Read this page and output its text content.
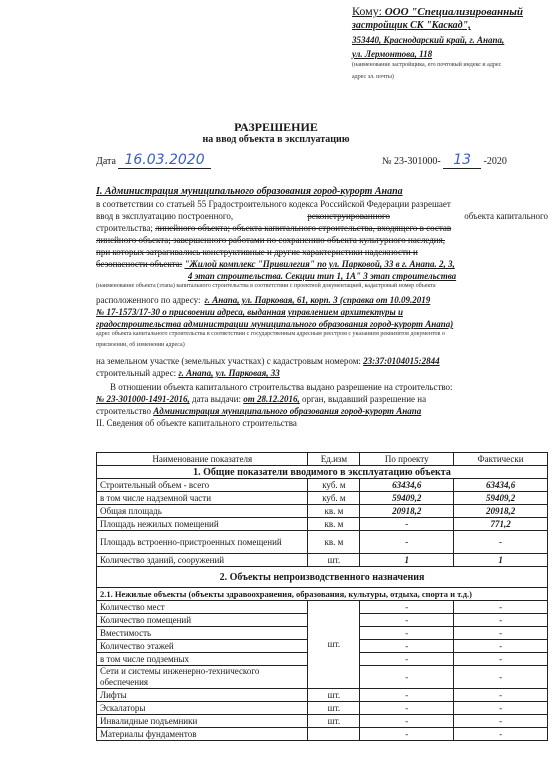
Кому: ООО "Специализированный
застройщик СК "Каскад",
353440, Краснодарский край, г. Анапа,
ул. Лермонтова, 118
(наименование застройщика, его почтовый индекс и адрес
адрес эл. почты)
РАЗРЕШЕНИЕ
на ввод объекта в эксплуатацию
Дата 16.03.2020	№ 23-301000- 13 -2020
I. Администрация муниципального образования город-курорт Анапа
в соответствии со статьей 55 Градостроительного кодекса Российской Федерации разрешает
ввод в эксплуатацию построенного,	реконструированного	объекта капитального
строительства; линейного объекта; объекта капитального строительства, входящего в состав
линейного объекта; завершенного работами по сохранению объекта культурного наследия,
при которых затрагивались конструктивные и другие характеристики надежности и
безопасности объекта: "Жилой комплекс "Привилегия" по ул. Парковой, 33 в г. Анапа. 2, 3,
4 этап строительства. Секции тип 1, 1А" 3 этап строительства
(наименование объекта (этапа) капитального строительства в соответствии с проектной документацией, кадастровый номер объекта
расположенного по адресу: г. Анапа, ул. Парковая, 61, корп. 3 (справка от 10.09.2019
№ 17-1573/17-30 о присвоении адреса, выданная управлением архитектуры и
градостроительства администрации муниципального образования город-курорт Анапа)
адрес объекта капитального строительства в соответствии с государственным адресным реестром с указанием реквизитов документов о
присвоении, об изменении адреса)
на земельном участке (земельных участках) с кадастровым номером: 23:37:0104015:2844
строительный адрес: г. Анапа, ул. Парковая, 33
В отношении объекта капитального строительства выдано разрешение на строительство:
№ 23-301000-1491-2016, дата выдачи: от 28.12.2016, орган, выдавший разрешение на
строительство Администрация муниципального образования город-курорт Анапа
II. Сведения об объекте капитального строительства
Наименование показателя	Ед.изм	По проекту	Фактически
1. Общие показатели вводимого в эксплуатацию объекта			
Строительный объем - всего	куб. м	63434,6	63434,6
в том числе надземной части	куб. м	59409,2	59409,2
Общая площадь	кв. м	20918,2	20918,2
Площадь нежилых помещений	кв. м	-	771,2
Площадь встроенно-пристроенных помещений	кв. м	-	-
Количество зданий, сооружений	шт.	1	1
2. Объекты непроизводственного назначения			
2.1. Нежилые объекты (объекты здравоохранения, образования, культуры, отдыха, спорта и т.д.)			
Количество мест	шт.	-	-
Количество помещений		-	-
Вместимость		-	-
Количество этажей		-	-
в том числе подземных		-	-
Сети и системы инженерно-технического обеспечения		-	-
Лифты	шт.	-	-
Эскалаторы	шт.	-	-
Инвалидные подъемники	шт.	-	-
Материалы фундаментов		-	-
